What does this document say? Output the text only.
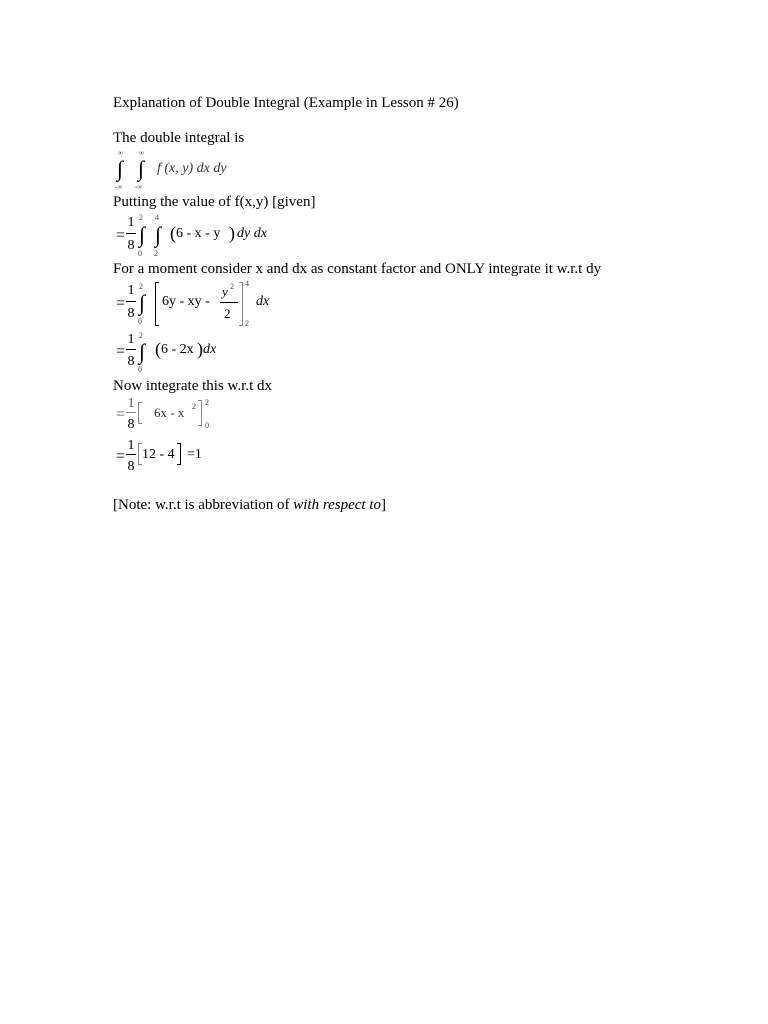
Explanation of Double Integral (Example in Lesson # 26)
The double integral is
∞
∫
-∞
∞
∫
-∞
f (x, y) dx dy
Putting the value of f(x,y) [given]
=
1
8
2
∫
0
4
∫
2
( 6 - x - y ) dy dx
For a moment consider x and dx as constant factor and ONLY integrate it w.r.t dy
=
1
8
2
∫
0
6y - xy -
y 2
2
4
2
dx
=
1
8
2
∫
0
( 6 - 2x ) dx
Now integrate this w.r.t dx
=
1
8
6x - x 2 2
0
=
1
8
12 - 4 =1
[Note: w.r.t is abbreviation of with respect to]
